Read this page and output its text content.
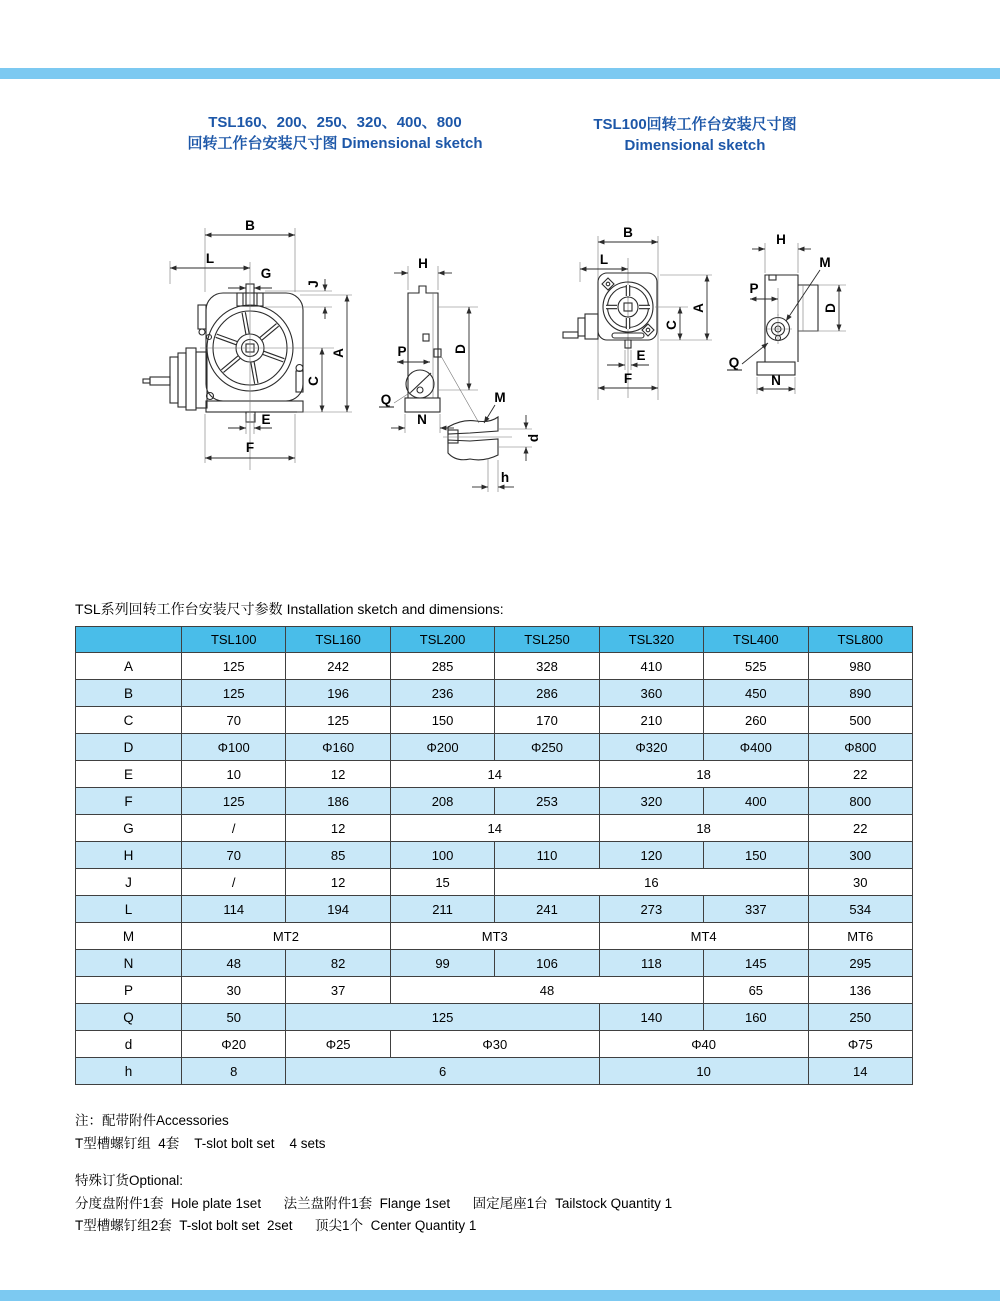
TSL160、200、250、320、400、800
回转工作台安装尺寸图 Dimensional sketch
TSL100回转工作台安装尺寸图
Dimensional sketch
B
L
G
J
A
C
E
F
H
P	D
Q
N
M
d
h
B
L
A
C
E
F
H
P
D
M
Q
N
TSL系列回转工作台安装尺寸参数 Installation sketch and dimensions:
	TSL100	TSL160	TSL200	TSL250	TSL320	TSL400	TSL800
A	125	242	285	328	410	525	980
B	125	196	236	286	360	450	890
C	70	125	150	170	210	260	500
D	Φ100	Φ160	Φ200	Φ250	Φ320	Φ400	Φ800
E	10	12	14		18		22
F	125	186	208	253	320	400	800
G	/	12	14		18		22
H	70	85	100	110	120	150	300
J	/	12	15	16			30
L	114	194	211	241	273	337	534
M	MT2		MT3		MT4		MT6
N	48	82	99	106	118	145	295
P	30	37	48			65	136
Q	50	125			140	160	250
d	Φ20	Φ25	Φ30		Φ40		Φ75
h	8	6			10		14
注：配带附件Accessories
T型槽螺钉组  4套    T-slot bolt set    4 sets
特殊订货Optional:
分度盘附件1套  Hole plate 1set      法兰盘附件1套  Flange 1set      固定尾座1台  Tailstock Quantity 1
T型槽螺钉组2套  T-slot bolt set  2set      顶尖1个  Center Quantity 1
